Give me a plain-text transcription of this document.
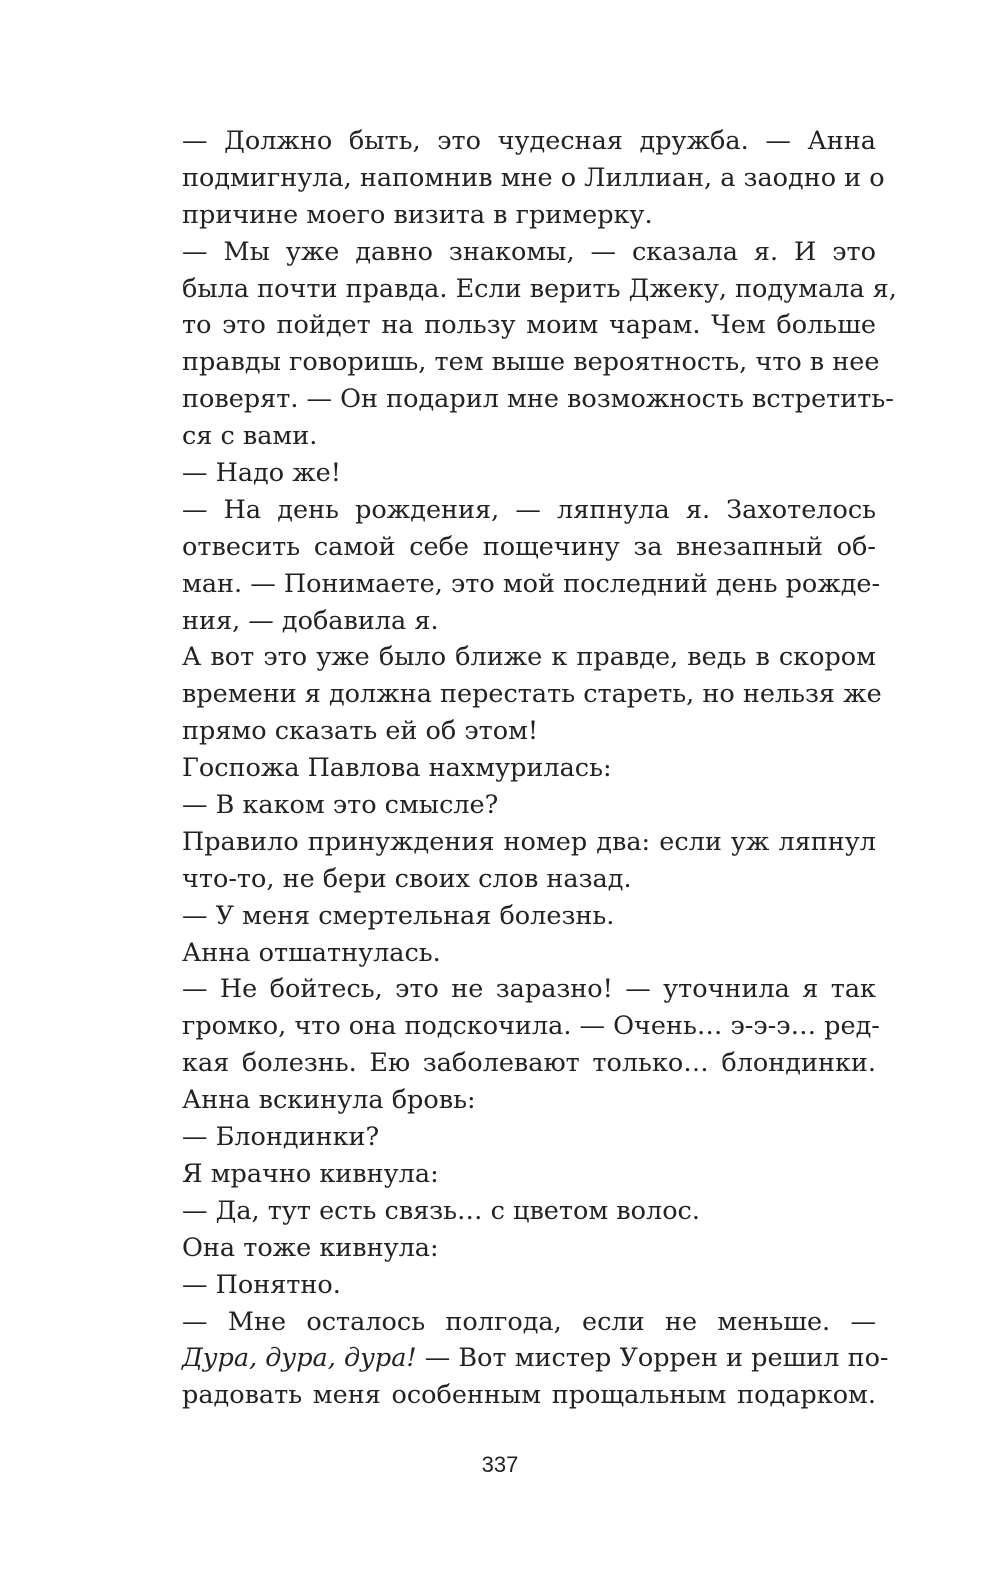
— Должно быть, это чудесная дружба. — Анна
подмигнула, напомнив мне о Лиллиан, а заодно и о
причине моего визита в гримерку.
— Мы уже давно знакомы, — сказала я. И это
была почти правда. Если верить Джеку, подумала я,
то это пойдет на пользу моим чарам. Чем больше
правды говоришь, тем выше вероятность, что в нее
поверят. — Он подарил мне возможность встретить-
ся с вами.
— Надо же!
— На день рождения, — ляпнула я. Захотелось
отвесить самой себе пощечину за внезапный об-
ман. — Понимаете, это мой последний день рожде-
ния, — добавила я.
А вот это уже было ближе к правде, ведь в скором
времени я должна перестать стареть, но нельзя же
прямо сказать ей об этом!
Госпожа Павлова нахмурилась:
— В каком это смысле?
Правило принуждения номер два: если уж ляпнул
что-то, не бери своих слов назад.
— У меня смертельная болезнь.
Анна отшатнулась.
— Не бойтесь, это не заразно! — уточнила я так
громко, что она подскочила. — Очень… э-э-э… ред-
кая болезнь. Ею заболевают только… блондинки.
Анна вскинула бровь:
— Блондинки?
Я мрачно кивнула:
— Да, тут есть связь… с цветом волос.
Она тоже кивнула:
— Понятно.
— Мне осталось полгода, если не меньше. —
Дура, дура, дура! — Вот мистер Уоррен и решил по-
радовать меня особенным прощальным подарком.
337
